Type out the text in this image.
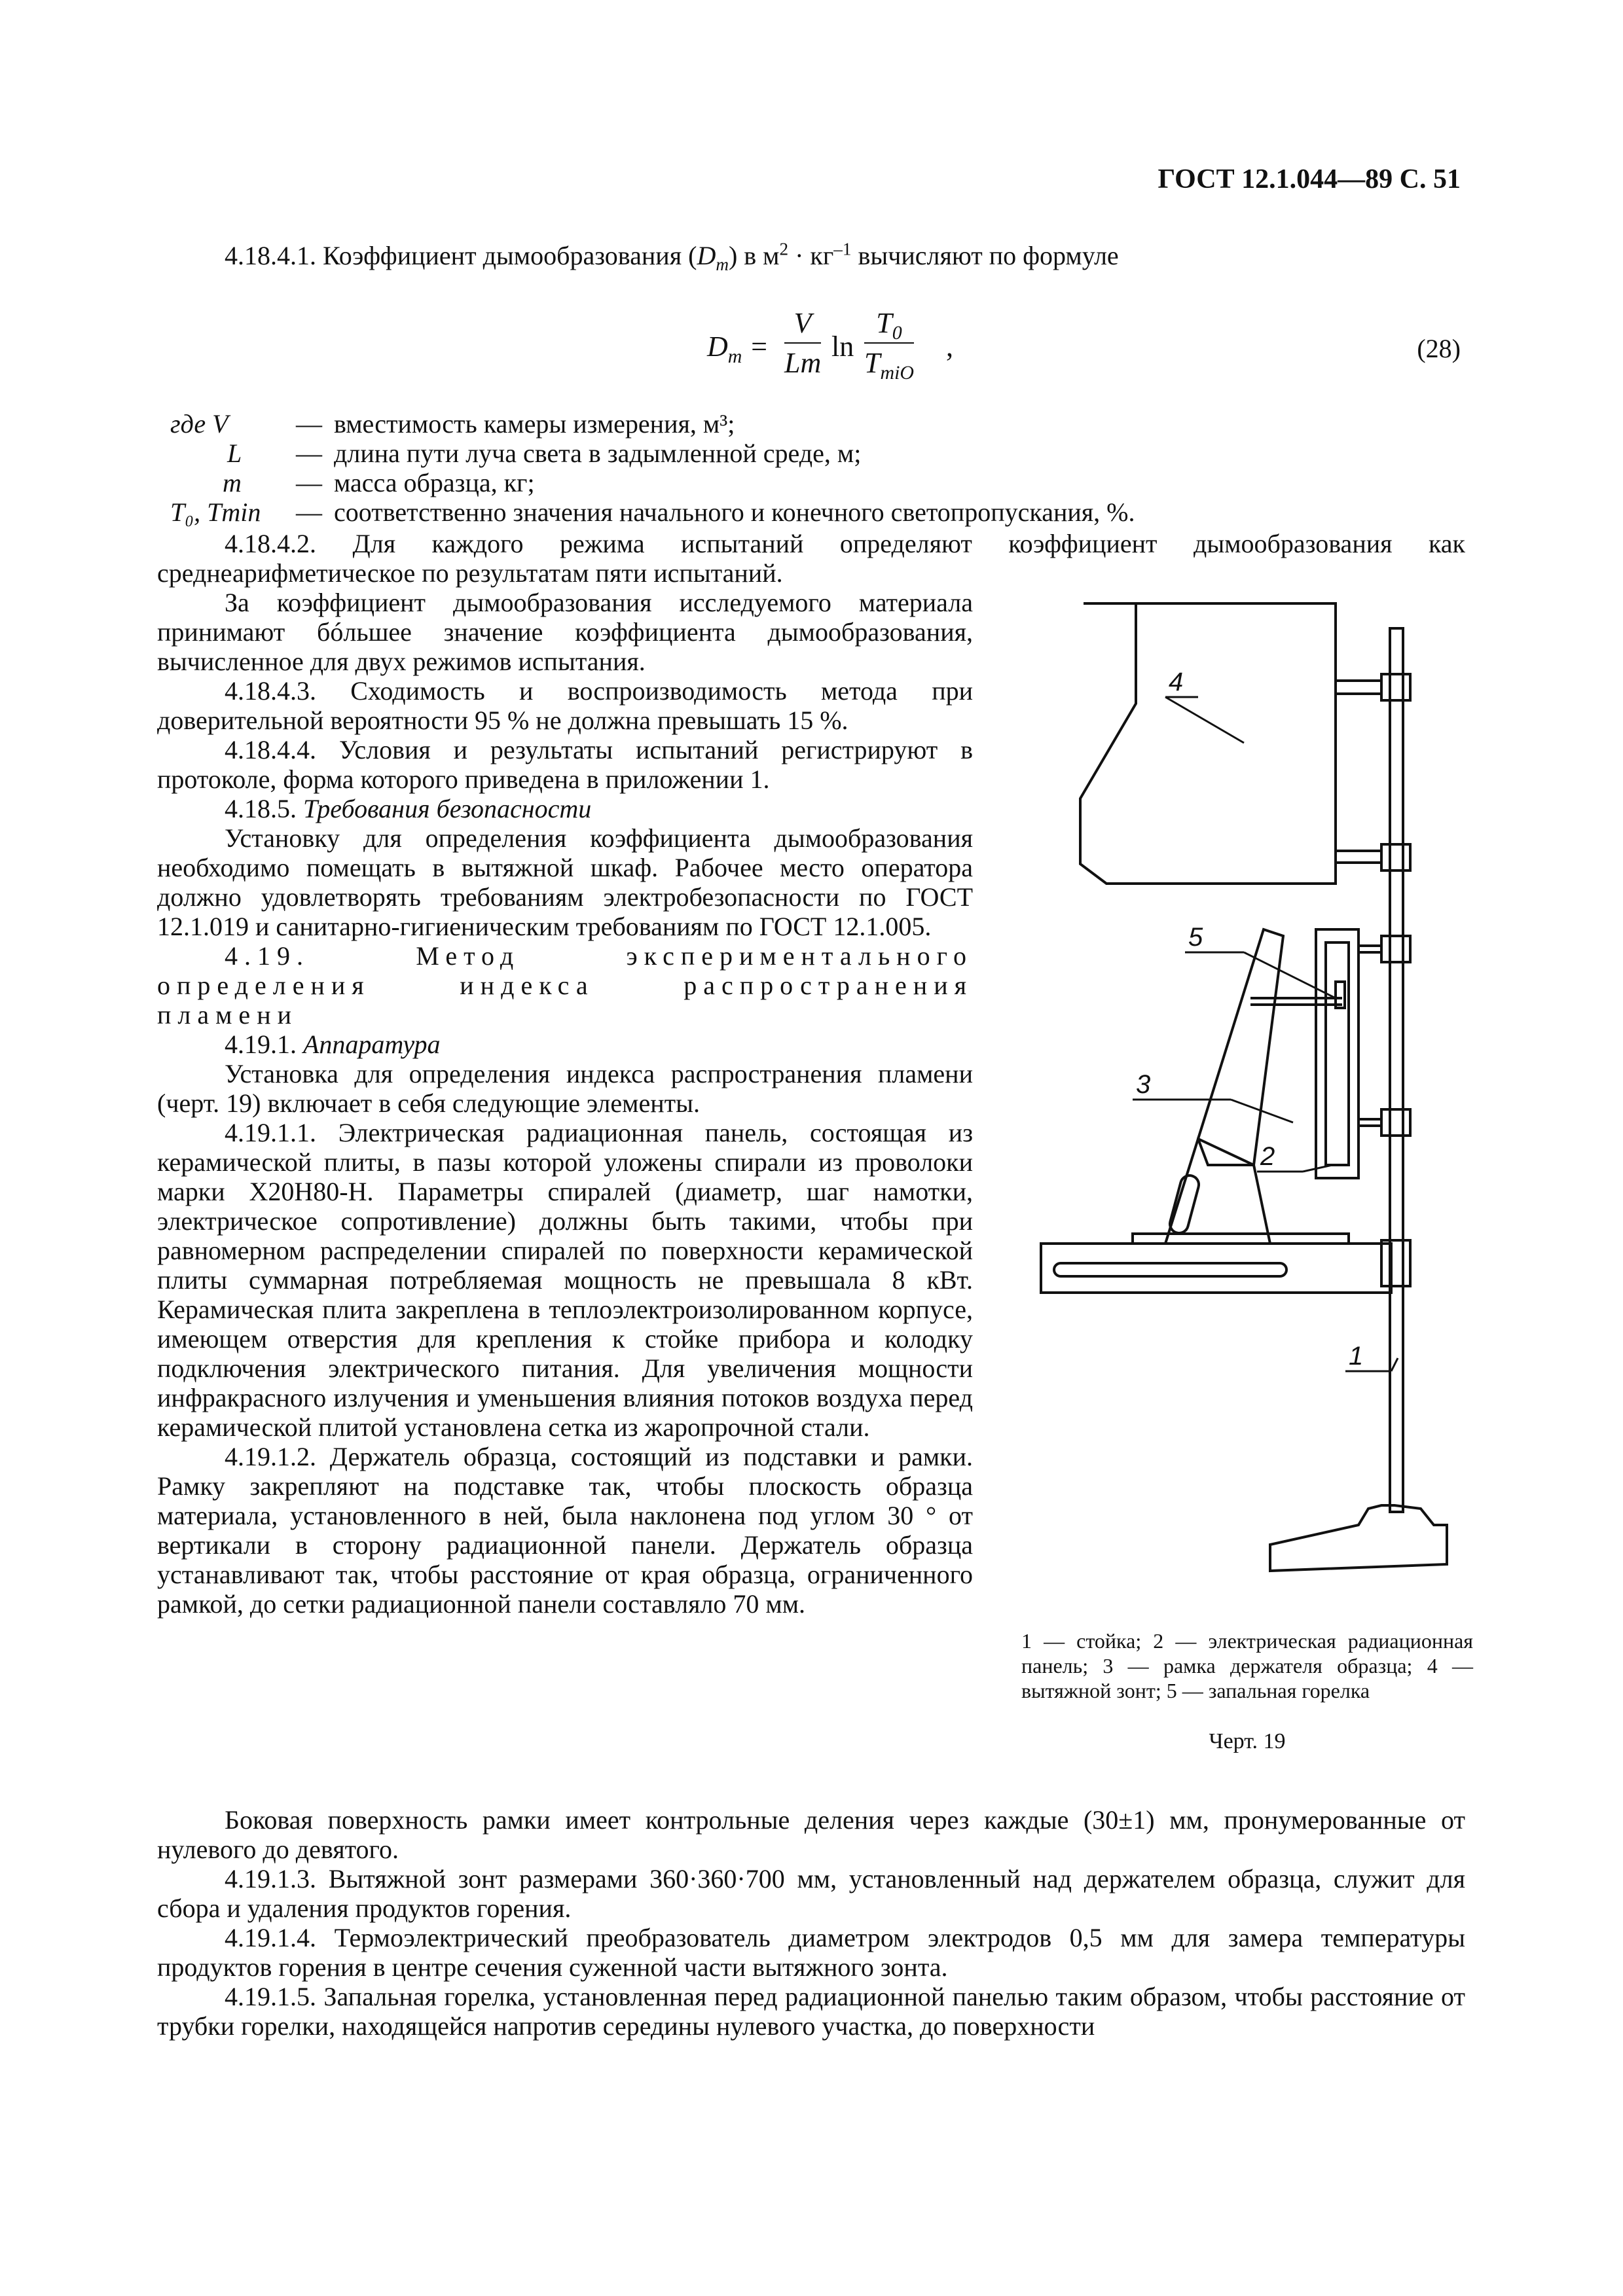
ГОСТ 12.1.044—89 С. 51

4.18.4.1. Коэффициент дымообразования $(D_m)$ в $м^2 \cdot кг^{-1}$ вычисляют по формуле

$D_m = \frac{V}{Lm}$ ln
$T_0$
$T_{miO}$
,	(28)
где V	— вместимость камеры измерения, м³;
L — длина пути луча света в задымленной среде, м;
m — масса образца, кг;
T₀, Tmin — соответственно значения начального и конечного светопропускания, %.

4.18.4.2. Для каждого режима испытаний определяют коэффициент дымообразования как среднеарифметическое по результатам пяти испытаний.

За коэффициент дымообразования исследуемого материала принимают бóльшее значение коэффициента дымообразования, вычисленное для двух режимов испытания.

4.18.4.3. Сходимость и воспроизводимость метода при доверительной вероятности 95 % не должна превышать 15 %.

4.18.4.4. Условия и результаты испытаний регистрируют в протоколе, форма которого приведена в приложении 1.

4.18.5. Требования безопасности

Установку для определения коэффициента дымообразования необходимо помещать в вытяжной шкаф. Рабочее место оператора должно удовлетворять требованиям электробезопасности по ГОСТ 12.1.019 и санитарно-гигиеническим требованиям по ГОСТ 12.1.005.

4.19. Метод экспериментального определения индекса распространения пламени

4.19.1. Аппаратура

Установка для определения индекса распространения пламени (черт. 19) включает в себя следующие элементы.

4.19.1.1. Электрическая радиационная панель, состоящая из керамической плиты, в пазы которой уложены спирали из проволоки марки Х20Н80-Н. Параметры спиралей (диаметр, шаг намотки, электрическое сопротивление) должны быть такими, чтобы при равномерном распределении спиралей по поверхности керамической плиты суммарная потребляемая мощность не превышала 8 кВт. Керамическая плита закреплена в теплоэлектроизолированном корпусе, имеющем отверстия для крепления к стойке прибора и колодку подключения электрического питания. Для увеличения мощности инфракрасного излучения и уменьшения влияния потоков воздуха перед керамической плитой установлена сетка из жаропрочной стали.

4.19.1.2. Держатель образца, состоящий из подставки и рамки. Рамку закрепляют на подставке так, чтобы плоскость образца материала, установленного в ней, была наклонена под углом 30 ° от вертикали в сторону радиационной панели. Держатель образца устанавливают так, чтобы расстояние от края образца, ограниченного рамкой, до сетки радиационной панели составляло 70 мм.

4
5
3
2
1
1 — стойка; 2 — электрическая радиационная панель; 3 — рамка держателя образца; 4 — вытяжной зонт; 5 — запальная горелка
Черт. 19

Боковая поверхность рамки имеет контрольные деления через каждые (30±1) мм, пронумерованные от нулевого до девятого.

4.19.1.3. Вытяжной зонт размерами 360·360·700 мм, установленный над держателем образца, служит для сбора и удаления продуктов горения.

4.19.1.4. Термоэлектрический преобразователь диаметром электродов 0,5 мм для замера температуры продуктов горения в центре сечения суженной части вытяжного зонта.

4.19.1.5. Запальная горелка, установленная перед радиационной панелью таким образом, чтобы расстояние от трубки горелки, находящейся напротив середины нулевого участка, до поверхности
